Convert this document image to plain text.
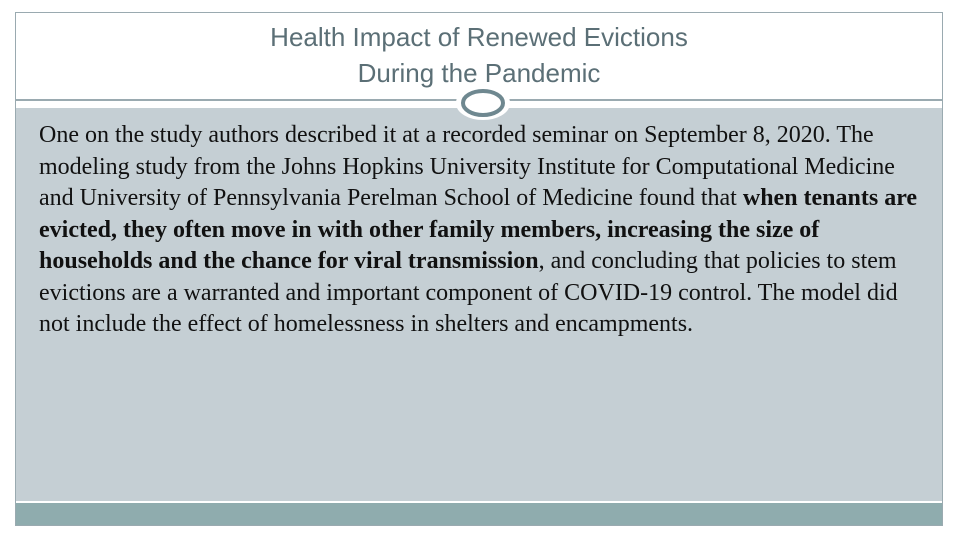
Health Impact of Renewed Evictions
During the Pandemic
One on the study authors described it at a recorded seminar on September 8, 2020. The modeling study from the Johns Hopkins University Institute for Computational Medicine and University of Pennsylvania Perelman School of Medicine found that when tenants are evicted, they often move in with other family members, increasing the size of households and the chance for viral transmission, and concluding that policies to stem evictions are a warranted and important component of COVID-19 control. The model did not include the effect of homelessness in shelters and encampments.
